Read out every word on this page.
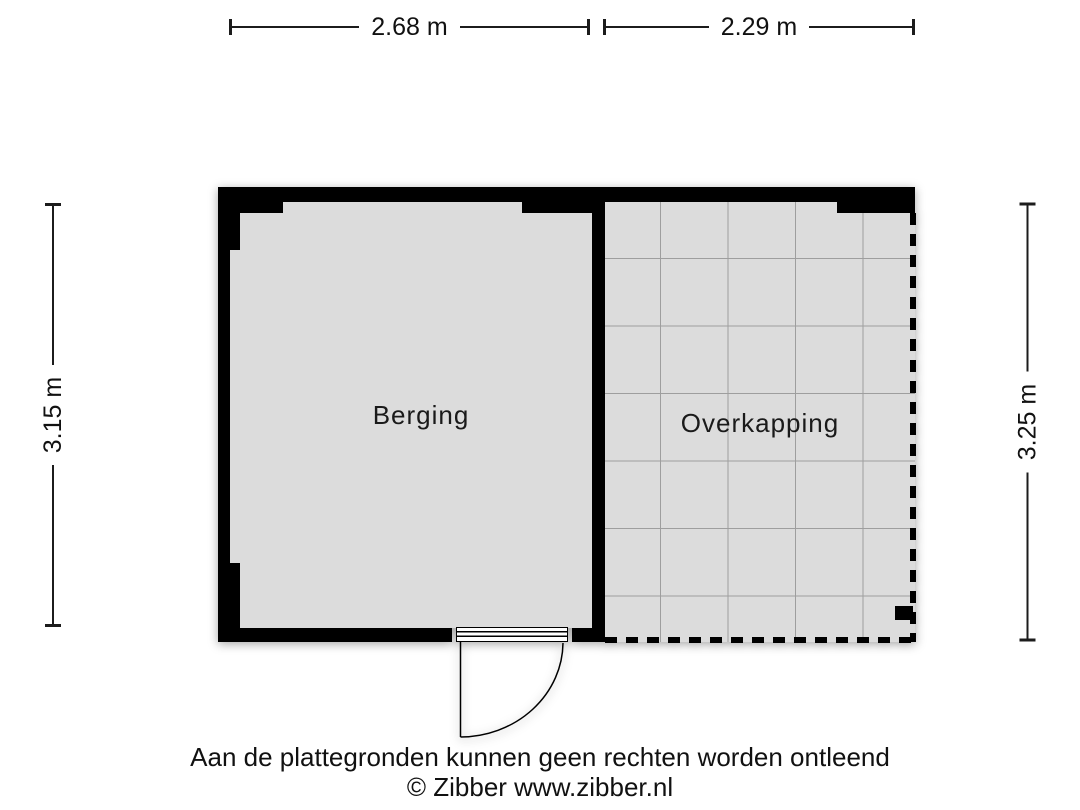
2.68 m	2.29 m
3.15 m	3.25 m
Berging	Overkapping
Aan de plattegronden kunnen geen rechten worden ontleend
© Zibber www.zibber.nl
